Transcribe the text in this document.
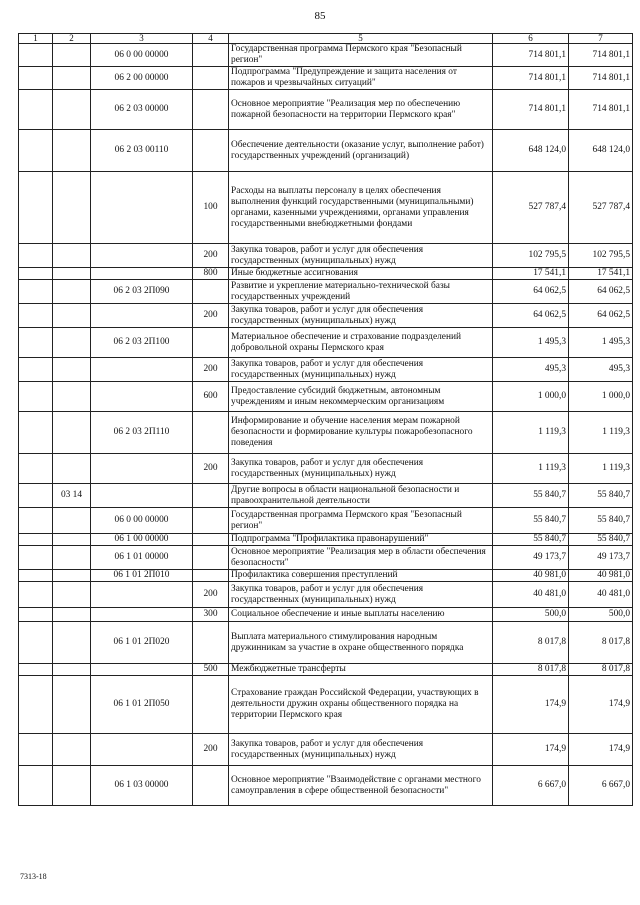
85
1	2	3	4	5	6	7
		06 0 00 00000		Государственная программа Пермского края "Безопасный регион"	714 801,1	714 801,1
		06 2 00 00000		Подпрограмма "Предупреждение и защита населения от пожаров и чрезвычайных ситуаций"	714 801,1	714 801,1
		06 2 03 00000		Основное мероприятие "Реализация мер по обеспечению пожарной безопасности на территории Пермского края"	714 801,1	714 801,1
		06 2 03 00110		Обеспечение деятельности (оказание услуг, выполнение работ) государственных учреждений (организаций)	648 124,0	648 124,0
			100	Расходы на выплаты персоналу в целях обеспечения выполнения функций государственными (муниципальными) органами, казенными учреждениями, органами управления государственными внебюджетными фондами	527 787,4	527 787,4
			200	Закупка товаров, работ и услуг для обеспечения государственных (муниципальных) нужд	102 795,5	102 795,5
			800	Иные бюджетные ассигнования	17 541,1	17 541,1
		06 2 03 2П090		Развитие и укрепление материально-технической базы государственных учреждений	64 062,5	64 062,5
			200	Закупка товаров, работ и услуг для обеспечения государственных (муниципальных) нужд	64 062,5	64 062,5
		06 2 03 2П100		Материальное обеспечение и страхование подразделений добровольной охраны Пермского края	1 495,3	1 495,3
			200	Закупка товаров, работ и услуг для обеспечения государственных (муниципальных) нужд	495,3	495,3
			600	Предоставление субсидий бюджетным, автономным учреждениям и иным некоммерческим организациям	1 000,0	1 000,0
		06 2 03 2П110		Информирование и обучение населения мерам пожарной безопасности и формирование культуры пожаробезопасного поведения	1 119,3	1 119,3
			200	Закупка товаров, работ и услуг для обеспечения государственных (муниципальных) нужд	1 119,3	1 119,3
	03 14			Другие вопросы в области национальной безопасности и правоохранительной деятельности	55 840,7	55 840,7
		06 0 00 00000		Государственная программа Пермского края "Безопасный регион"	55 840,7	55 840,7
		06 1 00 00000		Подпрограмма "Профилактика правонарушений"	55 840,7	55 840,7
		06 1 01 00000		Основное мероприятие "Реализация мер в области обеспечения безопасности"	49 173,7	49 173,7
		06 1 01 2П010		Профилактика совершения преступлений	40 981,0	40 981,0
			200	Закупка товаров, работ и услуг для обеспечения государственных (муниципальных) нужд	40 481,0	40 481,0
			300	Социальное обеспечение и иные выплаты населению	500,0	500,0
		06 1 01 2П020		Выплата материального стимулирования народным дружинникам за участие в охране общественного порядка	8 017,8	8 017,8
			500	Межбюджетные трансферты	8 017,8	8 017,8
		06 1 01 2П050		Страхование граждан Российской Федерации, участвующих в деятельности дружин охраны общественного порядка на территории Пермского края	174,9	174,9
			200	Закупка товаров, работ и услуг для обеспечения государственных (муниципальных) нужд	174,9	174,9
		06 1 03 00000		Основное мероприятие "Взаимодействие с органами местного самоуправления в сфере общественной безопасности"	6 667,0	6 667,0
7313-18
